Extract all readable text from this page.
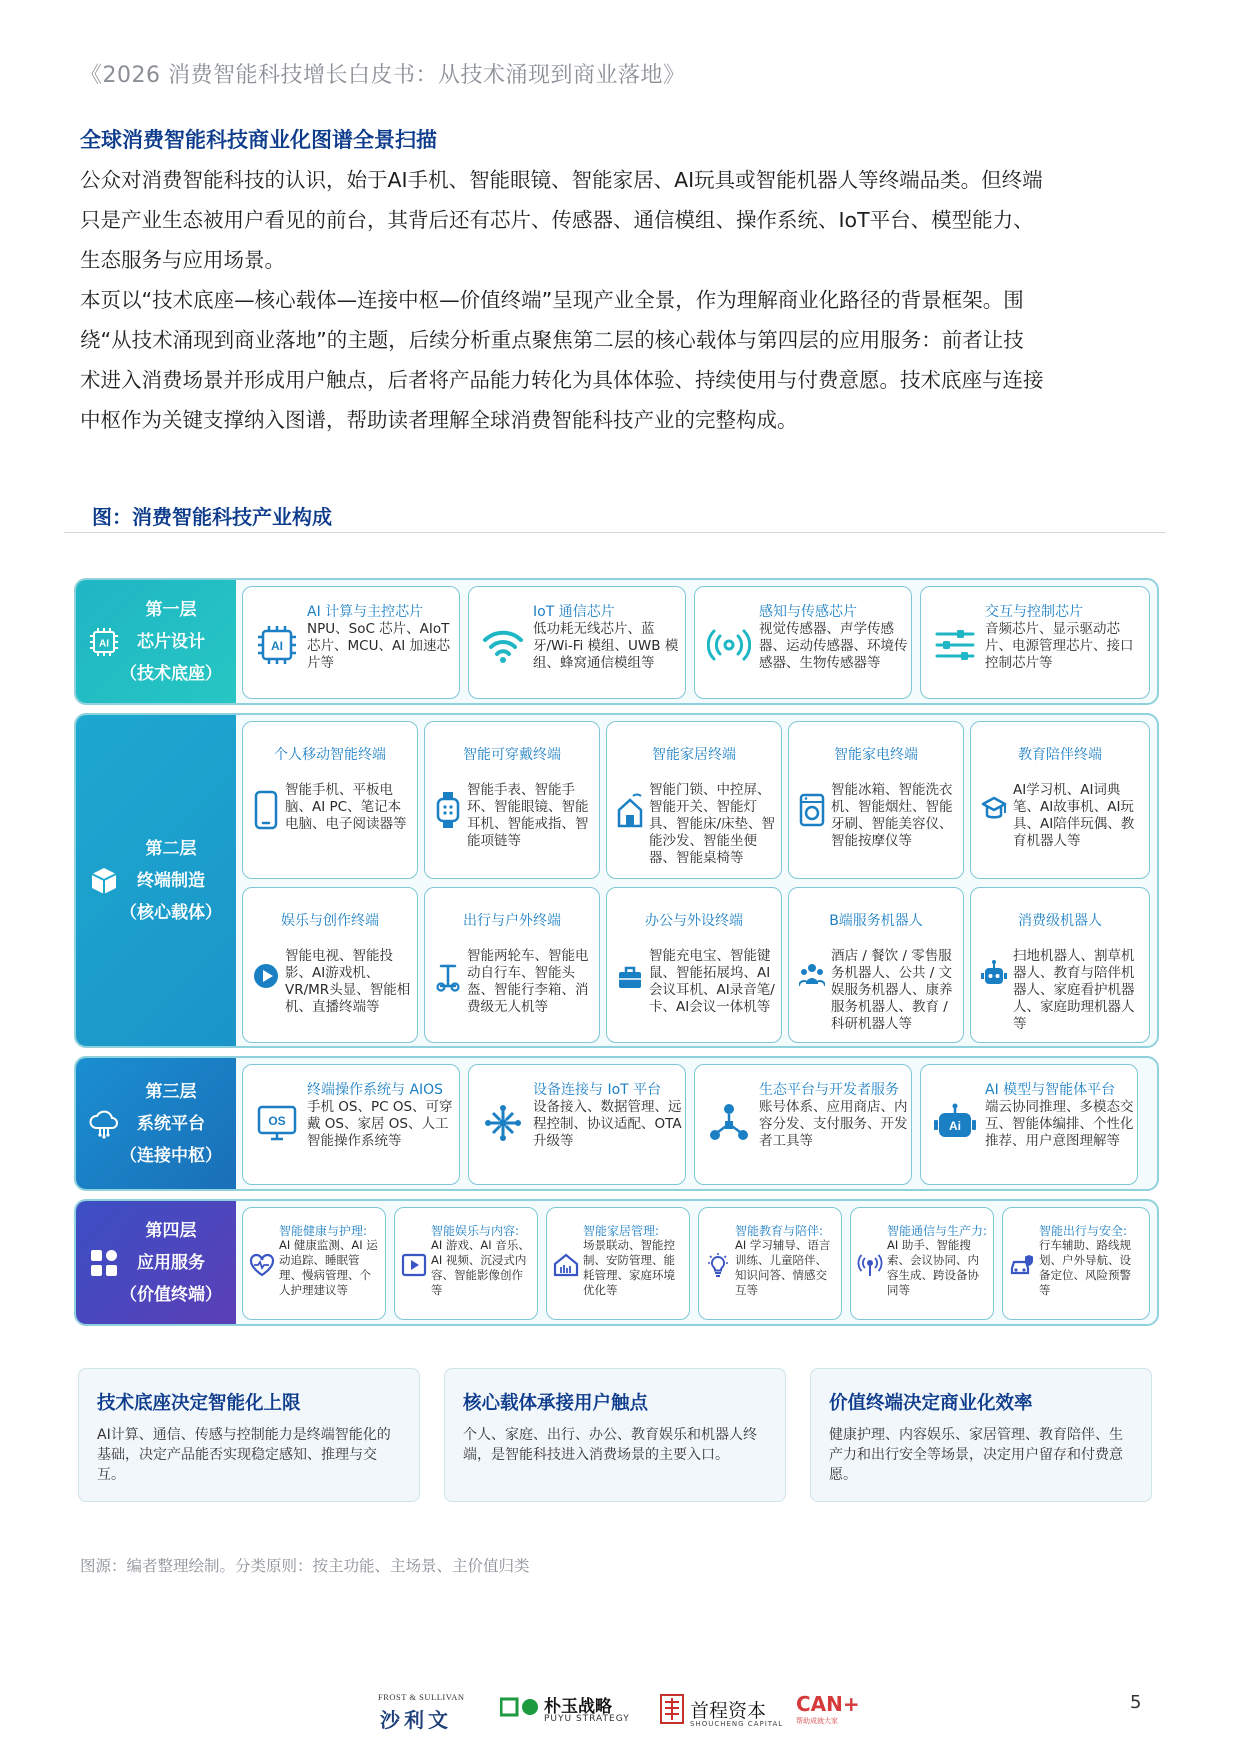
《2026 消费智能科技增长白皮书：从技术涌现到商业落地》
全球消费智能科技商业化图谱全景扫描

公众对消费智能科技的认识，始于AI手机、智能眼镜、智能家居、AI玩具或智能机器人等终端品类。但终端

只是产业生态被用户看见的前台，其背后还有芯片、传感器、通信模组、操作系统、IoT平台、模型能力、

生态服务与应用场景。

本页以“技术底座—核心载体—连接中枢—价值终端”呈现产业全景，作为理解商业化路径的背景框架。围

绕“从技术涌现到商业落地”的主题，后续分析重点聚焦第二层的核心载体与第四层的应用服务：前者让技

术进入消费场景并形成用户触点，后者将产品能力转化为具体体验、持续使用与付费意愿。技术底座与连接

中枢作为关键支撑纳入图谱，帮助读者理解全球消费智能科技产业的完整构成。

图：消费智能科技产业构成
AI
第一层
芯片设计
（技术底座）
AI
AI 计算与主控芯片
NPU、SoC 芯片、AIoT 芯片、MCU、AI 加速芯片等
IoT 通信芯片
低功耗无线芯片、蓝牙/Wi-Fi 模组、UWB 模组、蜂窝通信模组等
感知与传感芯片
视觉传感器、声学传感器、运动传感器、环境传感器、生物传感器等
交互与控制芯片
音频芯片、显示驱动芯片、电源管理芯片、接口控制芯片等
第二层
终端制造
（核心载体）
个人移动智能终端
智能手机、平板电脑、AI PC、笔记本电脑、电子阅读器等
智能可穿戴终端
智能手表、智能手环、智能眼镜、智能耳机、智能戒指、智能项链等
智能家居终端
智能门锁、中控屏、智能开关、智能灯具、智能床/床垫、智能沙发、智能坐便器、智能桌椅等
智能家电终端
智能冰箱、智能洗衣机、智能烟灶、智能牙刷、智能美容仪、智能按摩仪等
教育陪伴终端
AI学习机、AI词典笔、AI故事机、AI玩具、AI陪伴玩偶、教育机器人等
娱乐与创作终端
智能电视、智能投影、AI游戏机、VR/MR头显、智能相机、直播终端等
出行与户外终端
智能两轮车、智能电动自行车、智能头盔、智能行李箱、消费级无人机等
办公与外设终端
智能充电宝、智能键鼠、智能拓展坞、AI会议耳机、AI录音笔/卡、AI会议一体机等
B端服务机器人
酒店 / 餐饮 / 零售服务机器人、公共 / 文娱服务机器人、康养服务机器人、教育 / 科研机器人等
消费级机器人
扫地机器人、割草机器人、教育与陪伴机器人、家庭看护机器人、家庭助理机器人等
第三层
系统平台
（连接中枢）
OS
终端操作系统与 AIOS
手机 OS、PC OS、可穿戴 OS、家居 OS、人工智能操作系统等
设备连接与 IoT 平台
设备接入、数据管理、远程控制、协议适配、OTA 升级等
生态平台与开发者服务
账号体系、应用商店、内容分发、支付服务、开发者工具等
Ai
AI 模型与智能体平台
端云协同推理、多模态交互、智能体编排、个性化推荐、用户意图理解等
第四层
应用服务
（价值终端）
智能健康与护理:
AI 健康监测、AI 运动追踪、睡眠管理、慢病管理、个人护理建议等
智能娱乐与内容:
AI 游戏、AI 音乐、AI 视频、沉浸式内容、智能影像创作等
智能家居管理:
场景联动、智能控制、安防管理、能耗管理、家庭环境优化等
智能教育与陪伴:
AI 学习辅导、语言训练、儿童陪伴、知识问答、情感交互等
智能通信与生产力:
AI 助手、智能搜索、会议协同、内容生成、跨设备协同等
智能出行与安全:
行车辅助、路线规划、户外导航、设备定位、风险预警等
技术底座决定智能化上限
AI计算、通信、传感与控制能力是终端智能化的基础，决定产品能否实现稳定感知、推理与交互。
核心载体承接用户触点
个人、家庭、出行、办公、教育娱乐和机器人终端，是智能科技进入消费场景的主要入口。
价值终端决定商业化效率
健康护理、内容娱乐、家居管理、教育陪伴、生产力和出行安全等场景，决定用户留存和付费意愿。
图源：编者整理绘制。分类原则：按主功能、主场景、主价值归类
FROST & SULLIVAN
沙利文
朴玉战略
PUYU STRATEGY	首程资本
SHOUCHENG CAPITAL
CAN+
帮助成就大家
5
